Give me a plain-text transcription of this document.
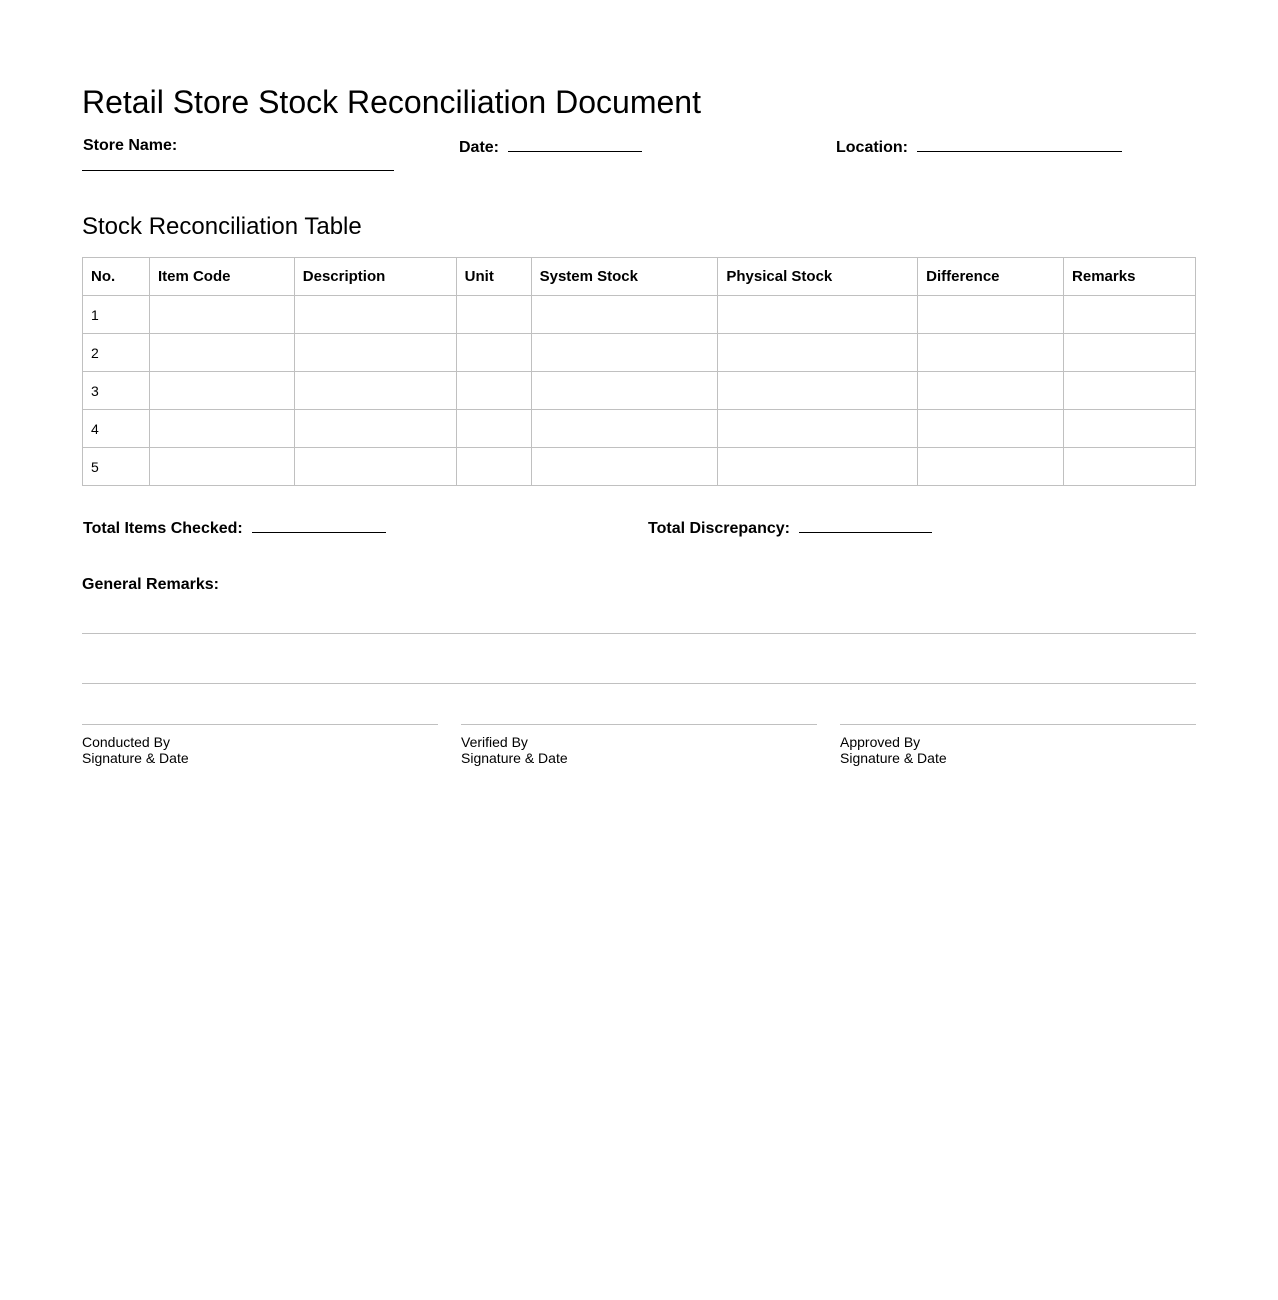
Retail Store Stock Reconciliation Document
Store Name:	Date:	Location:
Stock Reconciliation Table
No.	Item Code	Description	Unit	System Stock	Physical Stock	Difference	Remarks
1							
2							
3							
4							
5							
Total Items Checked:	Total Discrepancy:
General Remarks:
Conducted By
Signature & Date
Verified By
Signature & Date
Approved By
Signature & Date
